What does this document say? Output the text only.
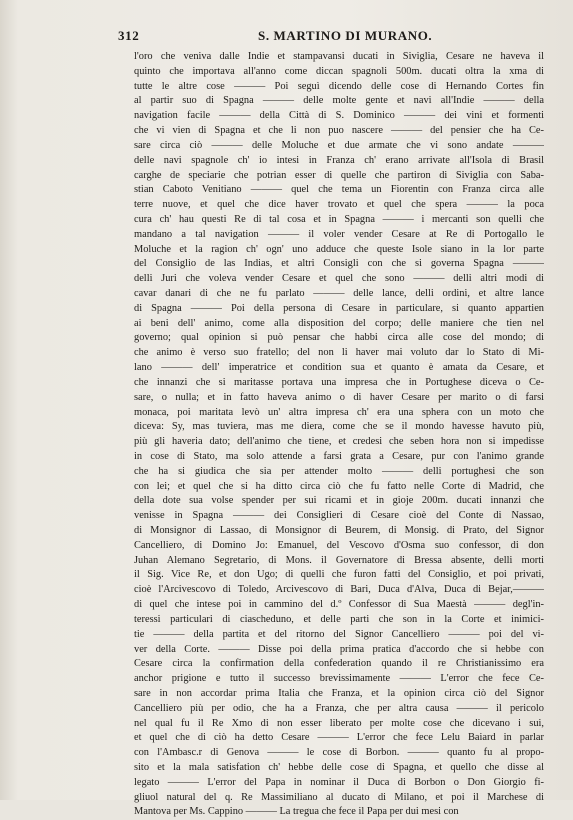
312	S. MARTINO DI MURANO.
l'oro che veniva dalle Indie et stampavansi ducati in Siviglia, Cesare ne haveva il
quinto che importava all'anno come diccan spagnoli 500m. ducati oltra la xma di
tutte le altre cose ——— Poi seguì dicendo delle cose di Hernando Cortes fin
al partir suo di Spagna ——— delle molte gente et navi all'Indie ——— della
navigation facile ——— della Città di S. Dominico ——— dei vini et formenti
che vi vien di Spagna et che li non puo nascere ——— del pensier che ha Ce-
sare circa ciò ——— delle Moluche et due armate che vi sono andate ———
delle navi spagnole ch' io intesi in Franza ch' erano arrivate all'Isola di Brasil
carghe de speciarie che potrian esser di quelle che partiron di Siviglia con Saba-
stian Caboto Venitiano ——— quel che tema un Fiorentin con Franza circa alle
terre nuove, et quel che dice haver trovato et quel che spera ——— la poca
cura ch' hau questi Re di tal cosa et in Spagna ——— i mercanti son quelli che
mandano a tal navigation ——— il voler vender Cesare at Re di Portogallo le
Moluche et la ragion ch' ogn' uno adduce che queste Isole siano in la lor parte
del Consiglio de las Indias, et altri Consigli con che si governa Spagna ———
delli Juri che voleva vender Cesare et quel che sono ——— delli altri modi di
cavar danari di che ne fu parlato ——— delle lance, delli ordini, et altre lance
di Spagna ——— Poi della persona di Cesare in particulare, si quanto appartien
ai beni dell' animo, come alla disposition del corpo; delle maniere che tien nel
governo; qual opinion si può pensar che habbi circa alle cose del mondo; di
che animo è verso suo fratello; del non li haver mai voluto dar lo Stato di Mi-
lano ——— dell' imperatrice et condition sua et quanto è amata da Cesare, et
che innanzi che si maritasse portava una impresa che in Portughese diceva o Ce-
sare, o nulla; et in fatto haveva animo o di haver Cesare per marito o di farsi
monaca, poi maritata levò un' altra impresa ch' era una sphera con un moto che
diceva: Sy, mas tuviera, mas me diera, come che se il mondo havesse havuto più,
più gli haveria dato; dell'animo che tiene, et credesi che seben hora non si impedisse
in cose di Stato, ma solo attende a farsi grata a Cesare, pur con l'animo grande
che ha si giudica che sia per attender molto ——— delli portughesi che son
con lei; et quel che si ha ditto circa ciò che fu fatto nelle Corte di Madrid, che
della dote sua volse spender per sui ricami et in gioje 200m. ducati innanzi che
venisse in Spagna ——— dei Consiglieri di Cesare cioè del Conte di Nassao,
di Monsignor di Lassao, di Monsignor di Beurem, di Monsig. di Prato, del Signor
Cancelliero, di Domino Jo: Emanuel, del Vescovo d'Osma suo confessor, di don
Juhan Alemano Segretario, di Mons. il Governatore di Bressa absente, delli morti
il Sig. Vice Re, et don Ugo; di quelli che furon fatti del Consiglio, et poi privati,
cioè l'Arcivescovo di Toledo, Arcivescovo di Bari, Duca d'Alva, Duca di Bejar,———
di quel che intese poi in cammino del d.º Confessor di Sua Maestà ——— degl'in-
teressi particulari di ciascheduno, et delle parti che son in la Corte et inimici-
tie ——— della partita et del ritorno del Signor Cancelliero ——— poi del vi-
ver della Corte. ——— Disse poi della prima pratica d'accordo che si hebbe con
Cesare circa la confirmation della confederation quando il re Christianissimo era
anchor prigione e tutto il successo brevissimamente ——— L'error che fece Ce-
sare in non accordar prima Italia che Franza, et la opinion circa ciò del Signor
Cancelliero più per odio, che ha a Franza, che per altra causa ——— il pericolo
nel qual fu il Re Xmo di non esser liberato per molte cose che dicevano i sui,
et quel che di ciò ha detto Cesare ——— L'error che fece Lelu Baiard in parlar
con l'Ambasc.r di Genova ——— le cose di Borbon. ——— quanto fu al propo-
sito et la mala satisfation ch' hebbe delle cose di Spagna, et quello che disse al
legato ——— L'error del Papa in nominar il Duca di Borbon o Don Giorgio fi-
gliuol natural del q. Re Massimiliano al ducato di Milano, et poi il Marchese di
Mantova per Ms. Cappino ——— La tregua che fece il Papa per dui mesi con
